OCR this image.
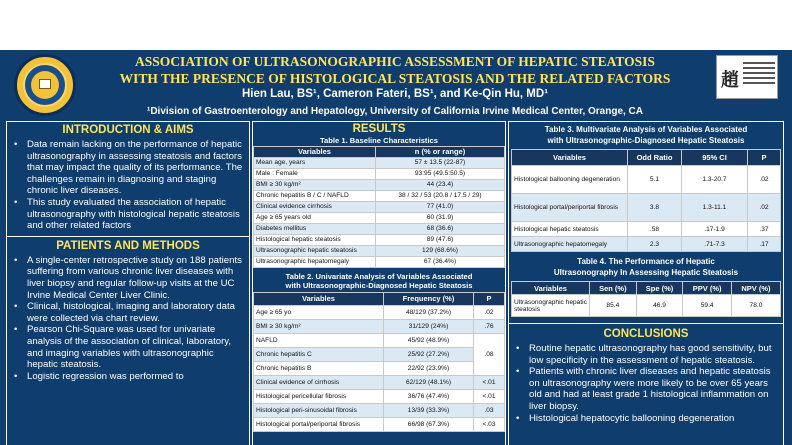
ASSOCIATION OF ULTRASONOGRAPHIC ASSESSMENT OF HEPATIC STEATOSIS
WITH THE PRESENCE OF HISTOLOGICAL STEATOSIS AND THE RELATED FACTORS
Hien Lau, BS¹, Cameron Fateri, BS¹, and Ke-Qin Hu, MD¹
¹Division of Gastroenterology and Hepatology, University of California Irvine Medical Center, Orange, CA
趙
INTRODUCTION & AIMS
• Data remain lacking on the performance of hepatic ultrasonography in assessing steatosis and factors that may impact the quality of its performance. The challenges remain in diagnosing and staging chronic liver diseases.
• This study evaluated the association of hepatic ultrasonography with histological hepatic steatosis and other related factors
PATIENTS AND METHODS
• A single-center retrospective study on 188 patients suffering from various chronic liver diseases with liver biopsy and regular follow-up visits at the UC Irvine Medical Center Liver Clinic.
• Clinical, histological, imaging and laboratory data were collected via chart review.
• Pearson Chi-Square was used for univariate analysis of the association of clinical, laboratory, and imaging variables with ultrasonographic hepatic steatosis.
• Logistic regression was performed to
RESULTS
Table 1. Baseline Characteristics
Variables	n (% or range)
Mean age, years	57 ± 13.5 (22-87)
Male : Female	93:95 (49.5:50.5)
BMI ≥ 30 kg/m²	44 (23.4)
Chronic hepatitis B / C / NAFLD	38 / 32 / 53 (20.8 / 17.5 / 29)
Clinical evidence cirrhosis	77 (41.0)
Age ≥ 65 years old	60 (31.9)
Diabetes mellitus	68 (36.6)
Histological hepatic steatosis	89 (47.6)
Ultrasonographic hepatic steatosis	129 (68.6%)
Ultrasonographic hepatomegaly	67 (36.4%)
Table 2. Univariate Analysis of Variables Associated
with Ultrasonographic-Diagnosed Hepatic Steatosis
Variables	Frequency (%)	P
Age ≥ 65 yo	48/129 (37.2%)	.02
BMI ≥ 30 kg/m²	31/129 (24%)	.76
NAFLD	45/92 (48.9%)	.08
Chronic hepatitis C	25/92 (27.2%)	
Chronic hepatitis B	22/92 (23.9%)	
Clinical evidence of cirrhosis	62/129 (48.1%)	<.01
Histological pericellular fibrosis	36/76 (47.4%)	<.01
Histological peri-sinusoidal fibrosis	13/39 (33.3%)	.03
Histological portal/periportal fibrosis	66/98 (67.3%)	<.03
Table 3. Multivariate Analysis of Variables Associated
with Ultrasonographic-Diagnosed Hepatic Steatosis
Variables	Odd Ratio	95% CI	P
Histological ballooning degeneration	5.1	1.3-20.7	.02
Histological portal/periportal fibrosis	3.8	1.3-11.1	.02
Histological hepatic steatosis	.58	.17-1.9	.37
Ultrasonographic hepatomegaly	2.3	.71-7.3	.17
Table 4. The Performance of Hepatic
Ultrasonography In Assessing Hepatic Steatosis
Variables	Sen (%)	Spe (%)	PPV (%)	NPV (%)
Ultrasonographic hepatic steatosis	85.4	46.9	59.4	78.0
CONCLUSIONS
• Routine hepatic ultrasonography has good sensitivity, but low specificity in the assessment of hepatic steatosis.
• Patients with chronic liver diseases and hepatic steatosis on ultrasonography were more likely to be over 65 years old and had at least grade 1 histological inflammation on liver biopsy.
• Histological hepatocytic ballooning degeneration
